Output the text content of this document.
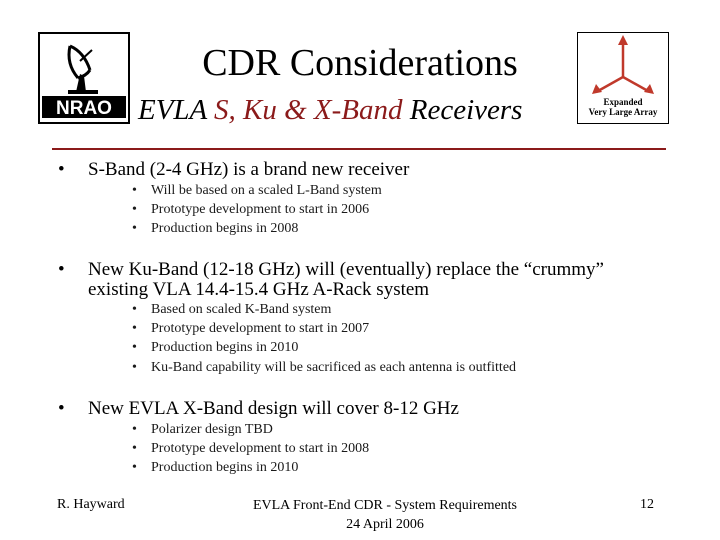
NRAO	Expanded
Very Large Array
CDR Considerations
EVLA S, Ku & X-Band Receivers
• S-Band (2-4 GHz) is a brand new receiver
• Will be based on a scaled L-Band system
• Prototype development to start in 2006
• Production begins in 2008
• New Ku-Band (12-18 GHz) will (eventually) replace the “crummy”
existing VLA 14.4-15.4 GHz A-Rack system
• Based on scaled K-Band system
• Prototype development to start in 2007
• Production begins in 2010
• Ku-Band capability will be sacrificed as each antenna is outfitted
• New EVLA X-Band design will cover 8-12 GHz
• Polarizer design TBD
• Prototype development to start in 2008
• Production begins in 2010
R. Hayward	EVLA Front-End CDR - System Requirements
24 April 2006
12
